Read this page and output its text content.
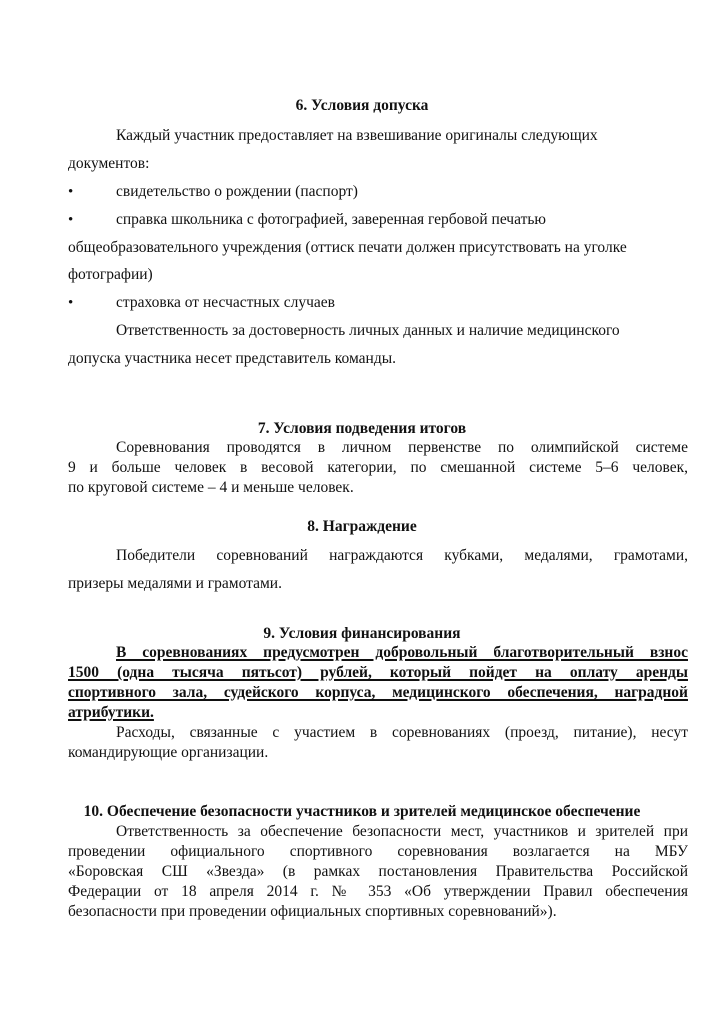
6. Условия допуска
Каждый участник предоставляет на взвешивание оригиналы следующих
документов:
•	свидетельство о рождении (паспорт)
•	справка школьника с фотографией, заверенная гербовой печатью
общеобразовательного учреждения (оттиск печати должен присутствовать на уголке
фотографии)
•	страховка от несчастных случаев
Ответственность за достоверность личных данных и наличие медицинского
допуска участника несет представитель команды.
7. Условия подведения итогов
Соревнования проводятся в личном первенстве по олимпийской системе
9 и больше человек в весовой категории, по смешанной системе 5–6 человек,
по круговой системе – 4 и меньше человек.
8. Награждение
Победители соревнований награждаются кубками, медалями, грамотами,
призеры медалями и грамотами.
9. Условия финансирования
В соревнованиях предусмотрен добровольный благотворительный взнос
1500 (одна тысяча пятьсот) рублей, который пойдет на оплату аренды
спортивного зала, судейского корпуса, медицинского обеспечения, наградной
атрибутики.
Расходы, связанные с участием в соревнованиях (проезд, питание), несут
командирующие организации.
10. Обеспечение безопасности участников и зрителей медицинское обеспечение
Ответственность за обеспечение безопасности мест, участников и зрителей при
проведении официального спортивного соревнования возлагается на МБУ
«Боровская СШ «Звезда» (в рамках постановления Правительства Российской
Федерации от 18 апреля 2014 г. № 353 «Об утверждении Правил обеспечения
безопасности при проведении официальных спортивных соревнований»).
